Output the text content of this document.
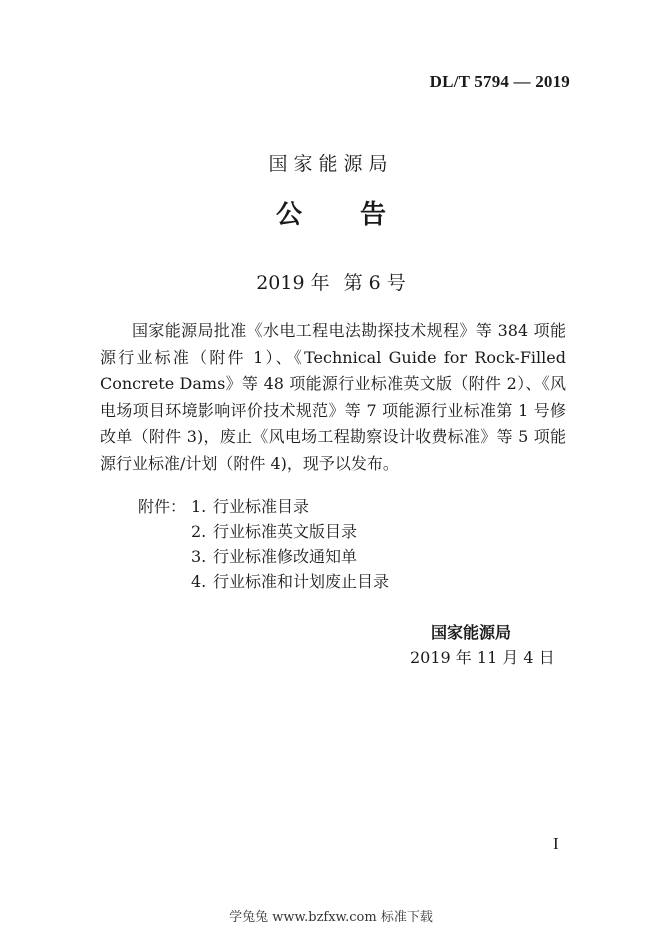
DL/T 5794 — 2019
国家能源局
公 告
2019 年 第 6 号
国家能源局批准《水电工程电法勘探技术规程》等 384 项能源行业标准（附件 1）、《Technical Guide for Rock-Filled Concrete Dams》等 48 项能源行业标准英文版（附件 2）、《风电场项目环境影响评价技术规范》等 7 项能源行业标准第 1 号修改单（附件 3)，废止《风电场工程勘察设计收费标准》等 5 项能源行业标准/计划（附件 4)，现予以发布。
附件： 1. 行业标准目录
2. 行业标准英文版目录
3. 行业标准修改通知单
4. 行业标准和计划废止目录
国家能源局
2019 年 11 月 4 日
I
学兔兔 www.bzfxw.com 标准下载
